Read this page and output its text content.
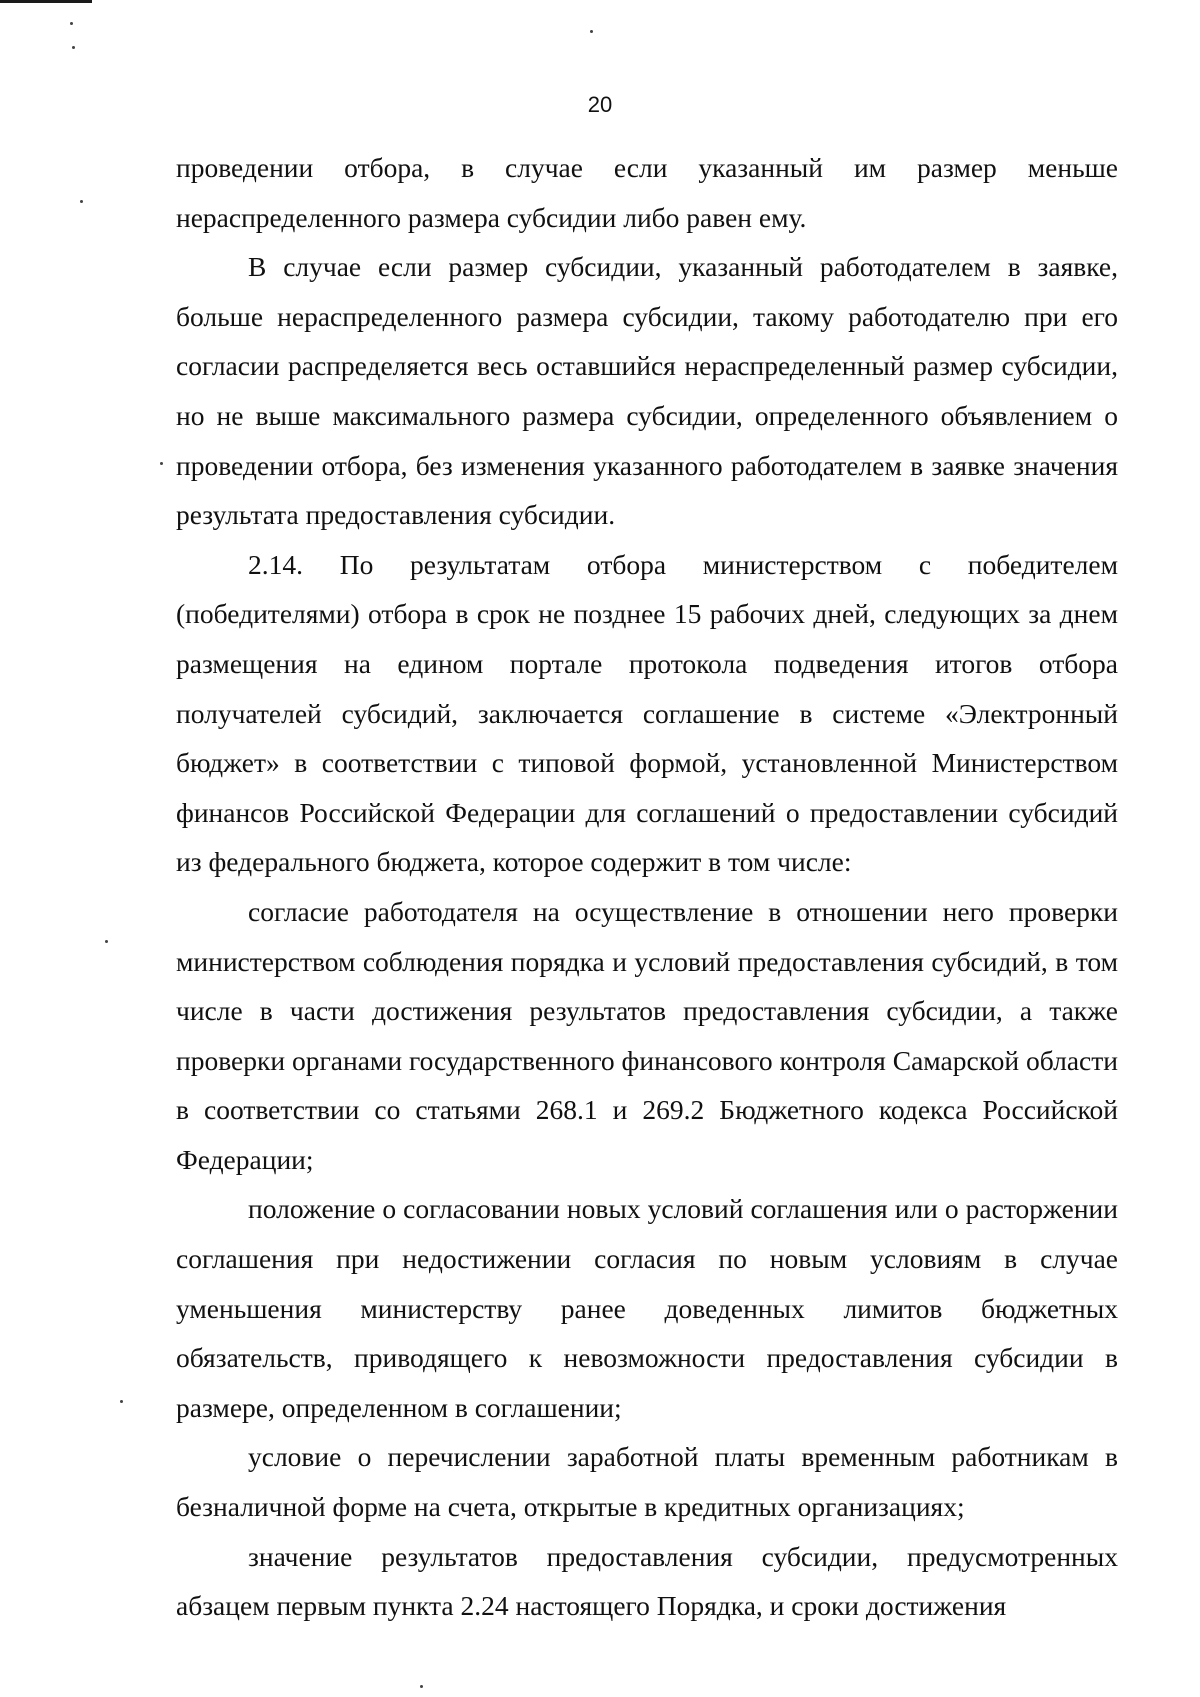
20

проведении отбора, в случае если указанный им размер меньше нераспределенного размера субсидии либо равен ему.

В случае если размер субсидии, указанный работодателем в заявке, больше нераспределенного размера субсидии, такому работодателю при его согласии распределяется весь оставшийся нераспределенный размер субсидии, но не выше максимального размера субсидии, определенного объявлением о проведении отбора, без изменения указанного работодателем в заявке значения результата предоставления субсидии.

2.14. По результатам отбора министерством с победителем (победителями) отбора в срок не позднее 15 рабочих дней, следующих за днем размещения на едином портале протокола подведения итогов отбора получателей субсидий, заключается соглашение в системе «Электронный бюджет» в соответствии с типовой формой, установленной Министерством финансов Российской Федерации для соглашений о предоставлении субсидий из федерального бюджета, которое содержит в том числе:

согласие работодателя на осуществление в отношении него проверки министерством соблюдения порядка и условий предоставления субсидий, в том числе в части достижения результатов предоставления субсидии, а также проверки органами государственного финансового контроля Самарской области в соответствии со статьями 268.1 и 269.2 Бюджетного кодекса Российской Федерации;

положение о согласовании новых условий соглашения или о расторжении соглашения при недостижении согласия по новым условиям в случае уменьшения министерству ранее доведенных лимитов бюджетных обязательств, приводящего к невозможности предоставления субсидии в размере, определенном в соглашении;

условие о перечислении заработной платы временным работникам в безналичной форме на счета, открытые в кредитных организациях;

значение результатов предоставления субсидии, предусмотренных абзацем первым пункта 2.24 настоящего Порядка, и сроки достижения
